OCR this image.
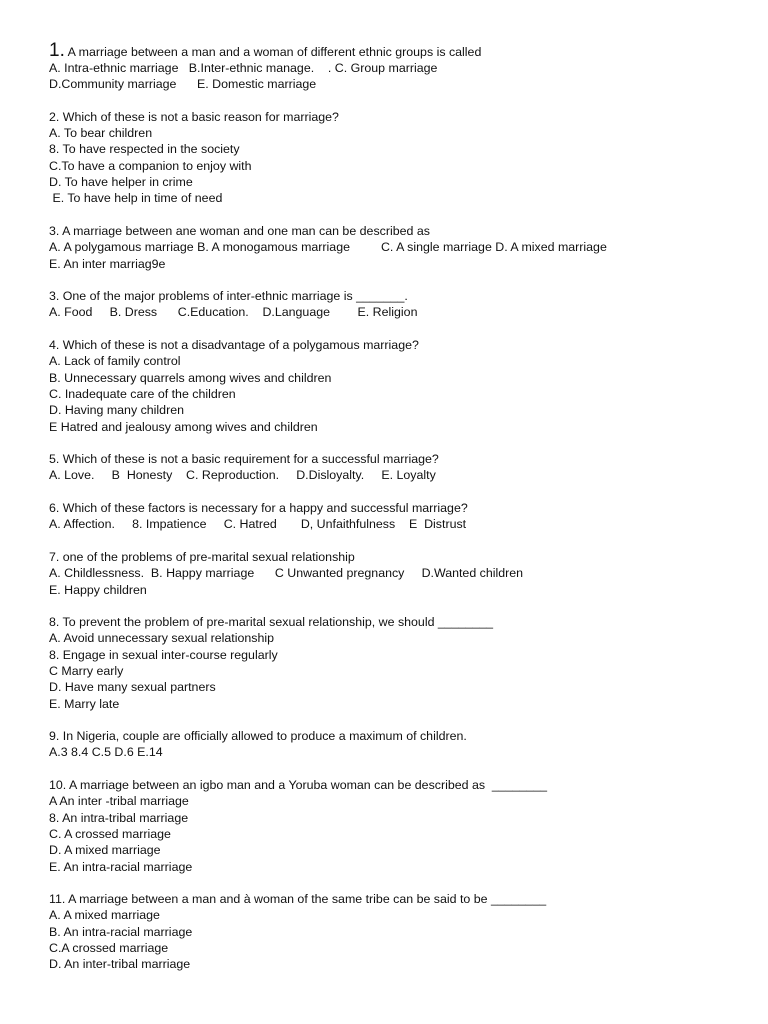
1. A marriage between a man and a woman of different ethnic groups is called
A. Intra-ethnic marriage   B.Inter-ethnic manage.    . C. Group marriage
D.Community marriage      E. Domestic marriage
2. Which of these is not a basic reason for marriage?
A. To bear children
8. To have respected in the society
C.To have a companion to enjoy with
D. To have helper in crime
E. To have help in time of need
3. A marriage between ane woman and one man can be described as
A. A polygamous marriage B. A monogamous marriage         C. A single marriage D. A mixed marriage
E. An inter marriag9e
3. One of the major problems of inter-ethnic marriage is _______.
A. Food     B. Dress      C.Education.    D.Language        E. Religion
4. Which of these is not a disadvantage of a polygamous marriage?
A. Lack of family control
B. Unnecessary quarrels among wives and children
C. Inadequate care of the children
D. Having many children
E Hatred and jealousy among wives and children
5. Which of these is not a basic requirement for a successful marriage?
A. Love.     B  Honesty    C. Reproduction.     D.Disloyalty.     E. Loyalty
6. Which of these factors is necessary for a happy and successful marriage?
A. Affection.     8. Impatience     C. Hatred       D, Unfaithfulness    E  Distrust
7. one of the problems of pre-marital sexual relationship
A. Childlessness.  B. Happy marriage      C Unwanted pregnancy     D.Wanted children
E. Happy children
8. To prevent the problem of pre-marital sexual relationship, we should ________
A. Avoid unnecessary sexual relationship
8. Engage in sexual inter-course regularly
C Marry early
D. Have many sexual partners
E. Marry late
9. In Nigeria, couple are officially allowed to produce a maximum of children.
A.3 8.4 C.5 D.6 E.14
10. A marriage between an igbo man and a Yoruba woman can be described as  ________
A An inter -tribal marriage
8. An intra-tribal marriage
C. A crossed marriage
D. A mixed marriage
E. An intra-racial marriage
11. A marriage between a man and à woman of the same tribe can be said to be ________
A. A mixed marriage
B. An intra-racial marriage
C.A crossed marriage
D. An inter-tribal marriage
